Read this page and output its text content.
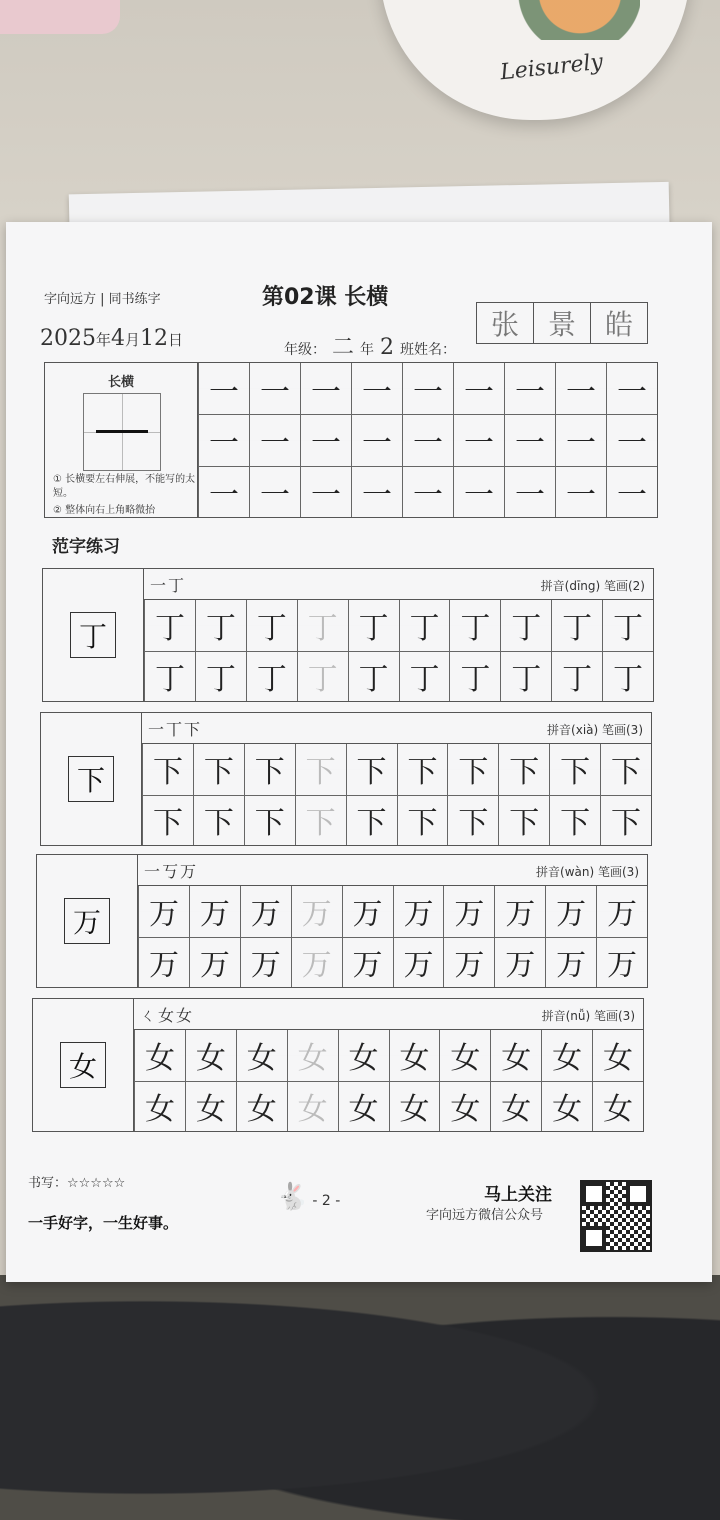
Leisurely
字向远方 | 同书练字	第02课 长横
2025年4月12日
年级： 二 年 2 班姓名：
张	景	皓
长横
① 长横要左右伸展，不能写的太短。
② 整体向右上角略微抬
一 一 一 一 一 一 一 一 一
一 一 一 一 一 一 一 一 一
一 一 一 一 一 一 一 一 一
范字练习
丁
一丁	拼音(dīng) 笔画(2)
丁 丁 丁 丁 丁 丁 丁 丁 丁 丁
丁 丁 丁 丁 丁 丁 丁 丁 丁 丁
下
一丅下	拼音(xià) 笔画(3)
下 下 下 下 下 下 下 下 下 下
下 下 下 下 下 下 下 下 下 下
万
一丂万	拼音(wàn) 笔画(3)
万 万 万 万 万 万 万 万 万 万
万 万 万 万 万 万 万 万 万 万
女
ㄑ女女	拼音(nǚ) 笔画(3)
女 女 女 女 女 女 女 女 女 女
女 女 女 女 女 女 女 女 女 女
书写：☆☆☆☆☆
一手好字，一生好事。
🐇 - 2 -	马上关注
字向远方微信公众号
